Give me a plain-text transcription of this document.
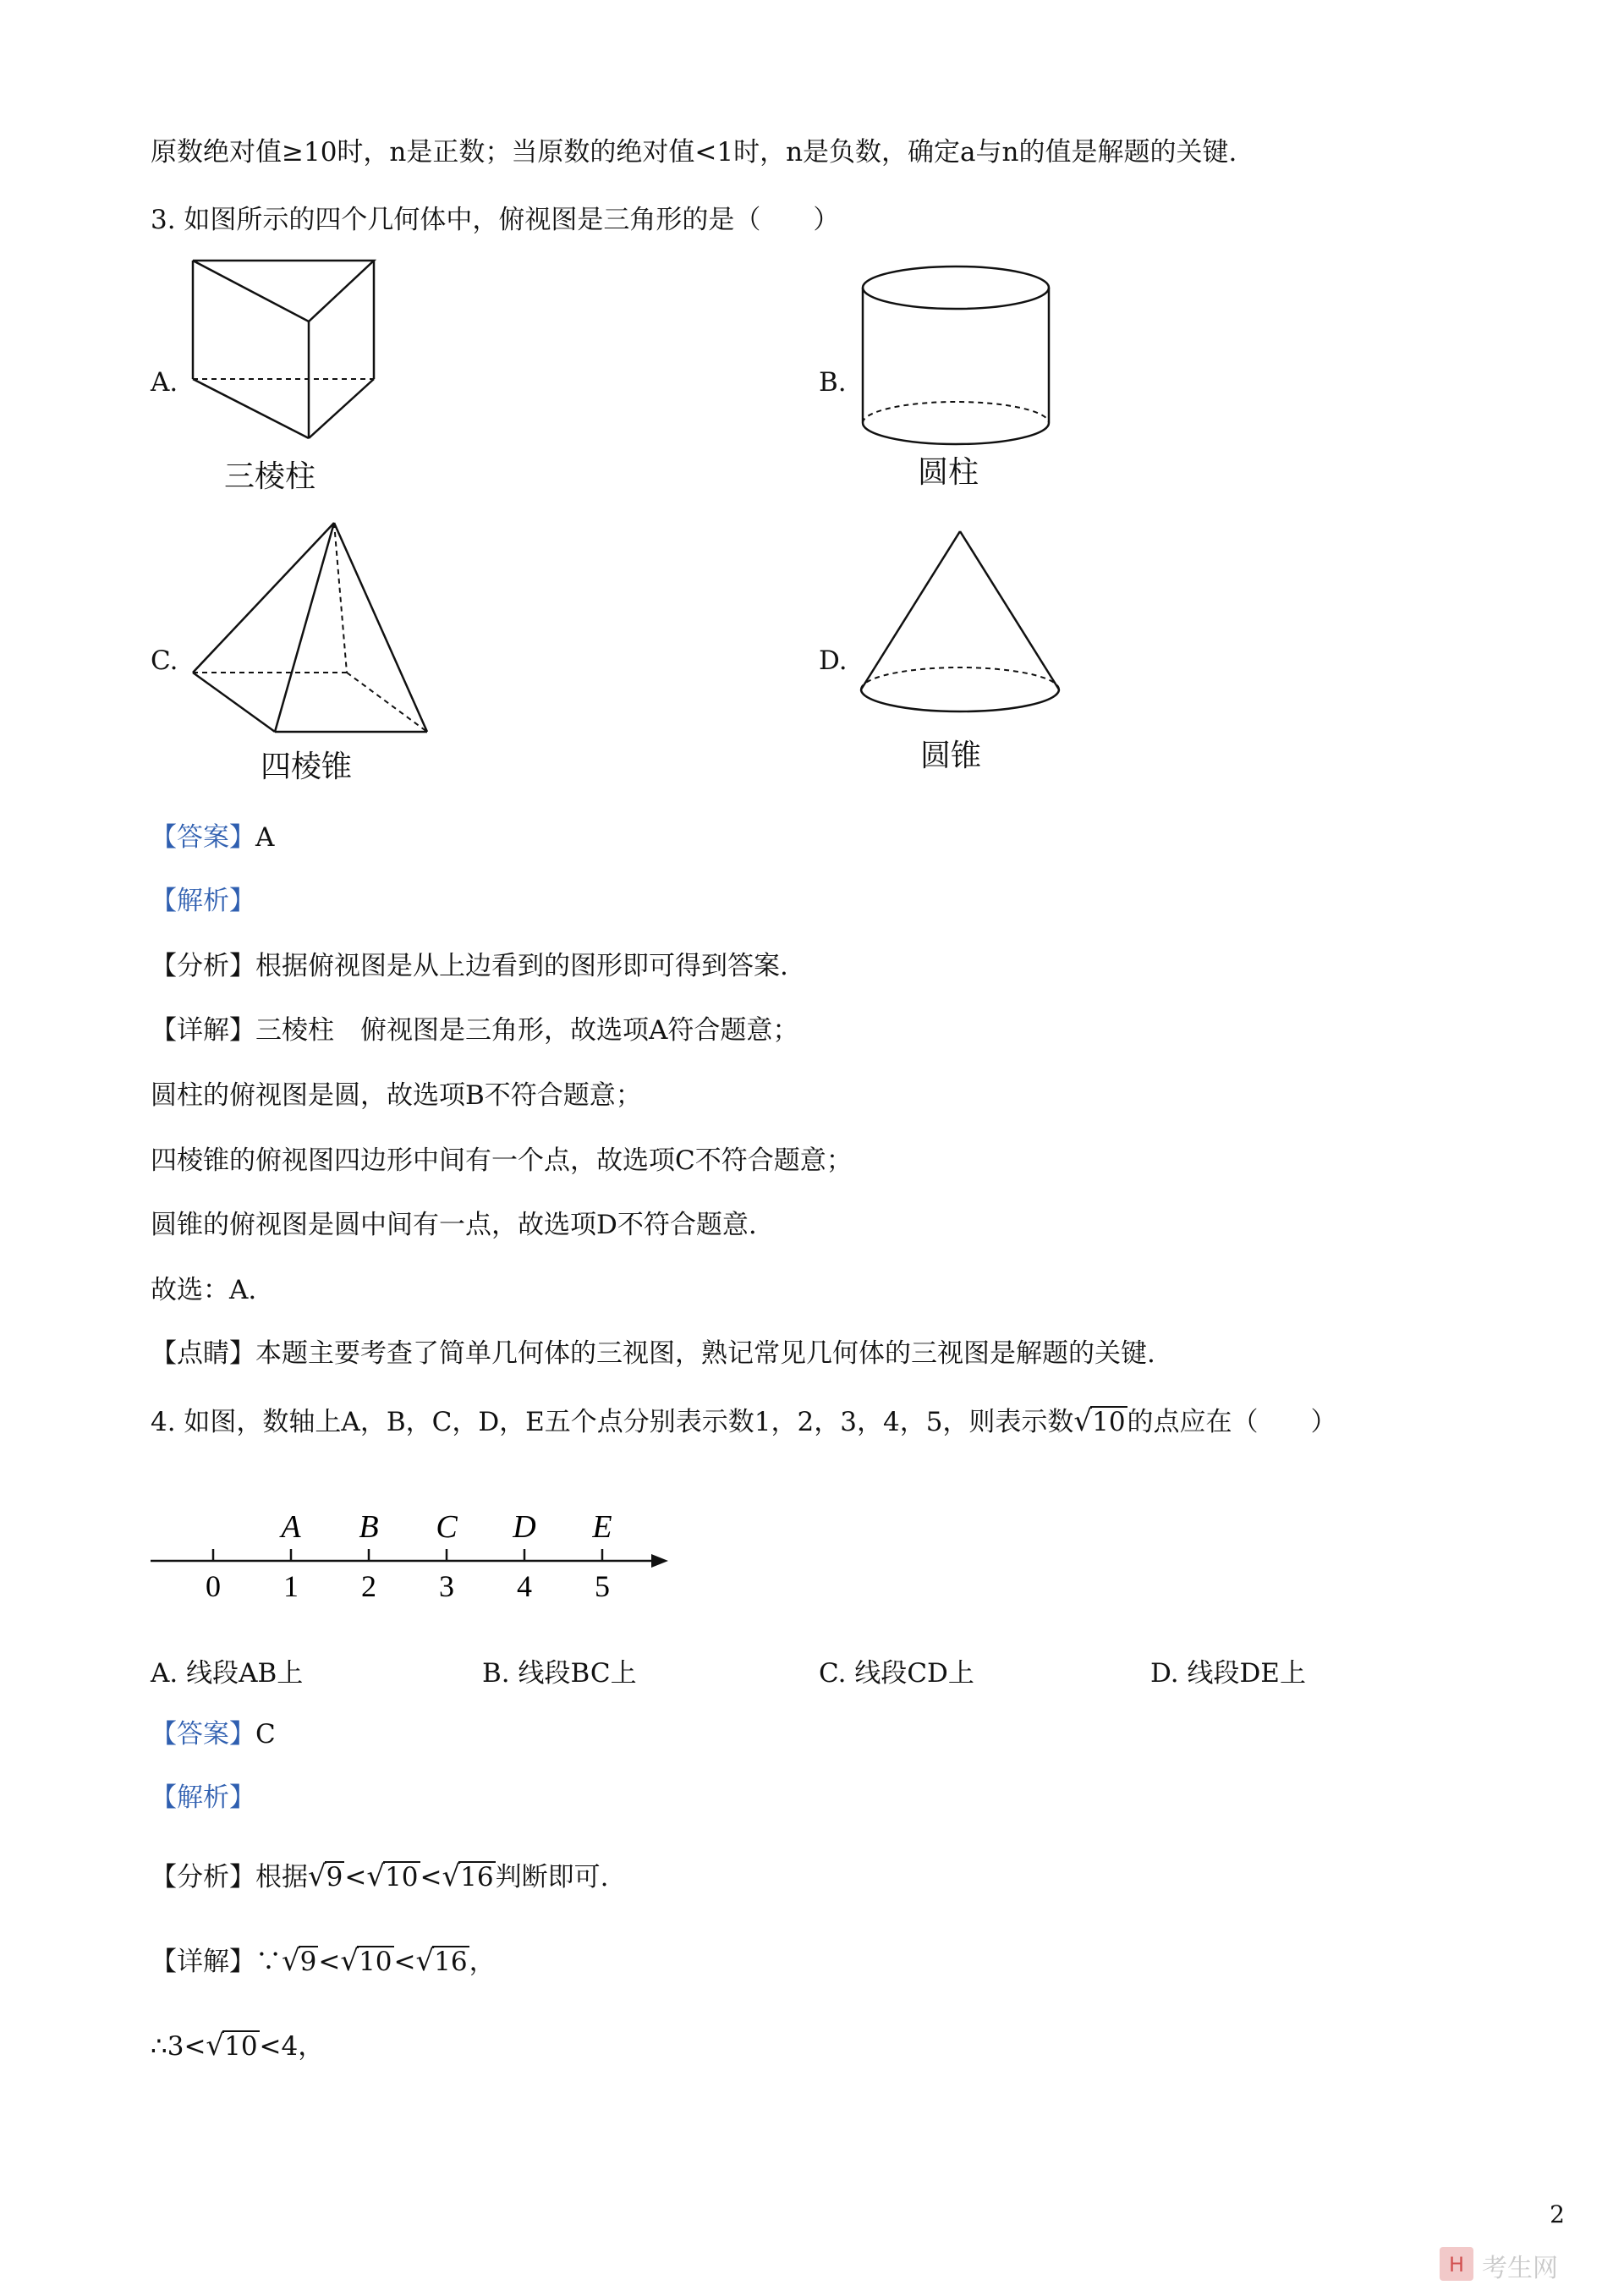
原数绝对值≥10时，n是正数；当原数的绝对值<1时，n是负数，确定a与n的值是解题的关键.
3. 如图所示的四个几何体中，俯视图是三角形的是（　　）
A.
三棱柱
B.
圆柱
C.
四棱锥
D.
圆锥
【答案】A
【解析】
【分析】根据俯视图是从上边看到的图形即可得到答案.
【详解】三棱柱　俯视图是三角形，故选项A符合题意；
圆柱的俯视图是圆，故选项B不符合题意；
四棱锥的俯视图四边形中间有一个点，故选项C不符合题意；
圆锥的俯视图是圆中间有一点，故选项D不符合题意.
故选：A.
【点睛】本题主要考查了简单几何体的三视图，熟记常见几何体的三视图是解题的关键.
4. 如图，数轴上A，B，C，D，E五个点分别表示数1，2，3，4，5，则表示数√10的点应在（　　）
0 1 2 3 4 5
A B C D E
A. 线段AB上	B. 线段BC上	C. 线段CD上	D. 线段DE上
【答案】C
【解析】
【分析】根据√9<√10<√16判断即可.
【详解】∵√9<√10<√16，
∴3<√10<4，
2
H 考生网
